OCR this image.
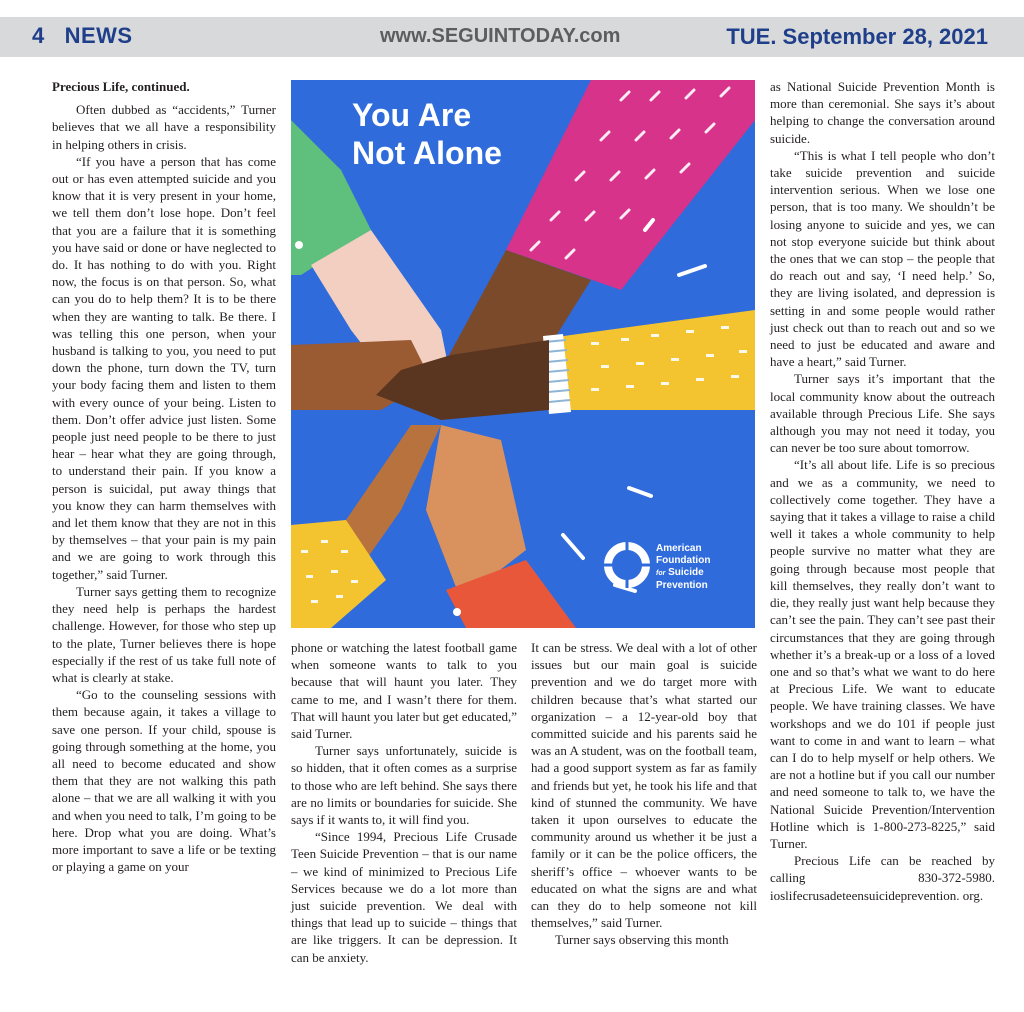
4 NEWS	www.SEGUINTODAY.com	TUE. September 28, 2021

Precious Life, continued.

Often dubbed as “accidents,” Turner believes that we all have a responsibility in helping others in crisis.

“If you have a person that has come out or has even attempted suicide and you know that it is very present in your home, we tell them don’t lose hope. Don’t feel that you are a failure that it is something you have said or done or have neglected to do. It has nothing to do with you. Right now, the focus is on that person. So, what can you do to help them? It is to be there when they are wanting to talk. Be there. I was telling this one person, when your husband is talking to you, you need to put down the phone, turn down the TV, turn your body facing them and listen to them with every ounce of your being. Listen to them. Don’t offer advice just listen. Some people just need people to be there to just hear – hear what they are going through, to understand their pain. If you know a person is suicidal, put away things that you know they can harm themselves with and let them know that they are not in this by themselves – that your pain is my pain and we are going to work through this together,” said Turner.

Turner says getting them to recognize they need help is perhaps the hardest challenge. However, for those who step up to the plate, Turner believes there is hope especially if the rest of us take full note of what is clearly at stake.

“Go to the counseling sessions with them because again, it takes a village to save one person. If your child, spouse is going through something at the home, you all need to become educated and show them that they are not walking this path alone – that we are all walking it with you and when you need to talk, I’m going to be here. Drop what you are doing. What’s more important to save a life or be texting or playing a game on your

You Are
Not Alone
American
Foundation
for Suicide
Prevention

phone or watching the latest football game when someone wants to talk to you because that will haunt you later. They came to me, and I wasn’t there for them. That will haunt you later but get educated,” said Turner.

Turner says unfortunately, suicide is so hidden, that it often comes as a surprise to those who are left behind. She says there are no limits or boundaries for suicide. She says if it wants to, it will find you.

“Since 1994, Precious Life Crusade Teen Suicide Prevention – that is our name – we kind of minimized to Precious Life Services because we do a lot more than just suicide prevention. We deal with things that lead up to suicide – things that are like triggers. It can be depression. It can be anxiety.

It can be stress. We deal with a lot of other issues but our main goal is suicide prevention and we do target more with children because that’s what started our organization – a 12-year-old boy that committed suicide and his parents said he was an A student, was on the football team, had a good support system as far as family and friends but yet, he took his life and that kind of stunned the community. We have taken it upon ourselves to educate the community around us whether it be just a family or it can be the police officers, the sheriff’s office – whoever wants to be educated on what the signs are and what can they do to help someone not kill themselves,” said Turner.

Turner says observing this month

as National Suicide Prevention Month is more than ceremonial. She says it’s about helping to change the conversation around suicide.

“This is what I tell people who don’t take suicide prevention and suicide intervention serious. When we lose one person, that is too many. We shouldn’t be losing anyone to suicide and yes, we can not stop everyone suicide but think about the ones that we can stop – the people that do reach out and say, ‘I need help.’ So, they are living isolated, and depression is setting in and some people would rather just check out than to reach out and so we need to just be educated and aware and have a heart,” said Turner.

Turner says it’s important that the local community know about the outreach available through Precious Life. She says although you may not need it today, you can never be too sure about tomorrow.

“It’s all about life. Life is so precious and we as a community, we need to collectively come together. They have a saying that it takes a village to raise a child well it takes a whole community to help people survive no matter what they are going through because most people that kill themselves, they really don’t want to die, they really just want help because they can’t see the pain. They can’t see past their circumstances that they are going through whether it’s a break-up or a loss of a loved one and so that’s what we want to do here at Precious Life. We want to educate people. We have training classes. We have workshops and we do 101 if people just want to come in and want to learn – what can I do to help myself or help others. We are not a hotline but if you call our number and need someone to talk to, we have the National Suicide Prevention/Intervention Hotline which is 1-800-273-8225,” said Turner.

Precious Life can be reached by calling 830-372-5980. ioslifecrusadeteensuicideprevention. org.
